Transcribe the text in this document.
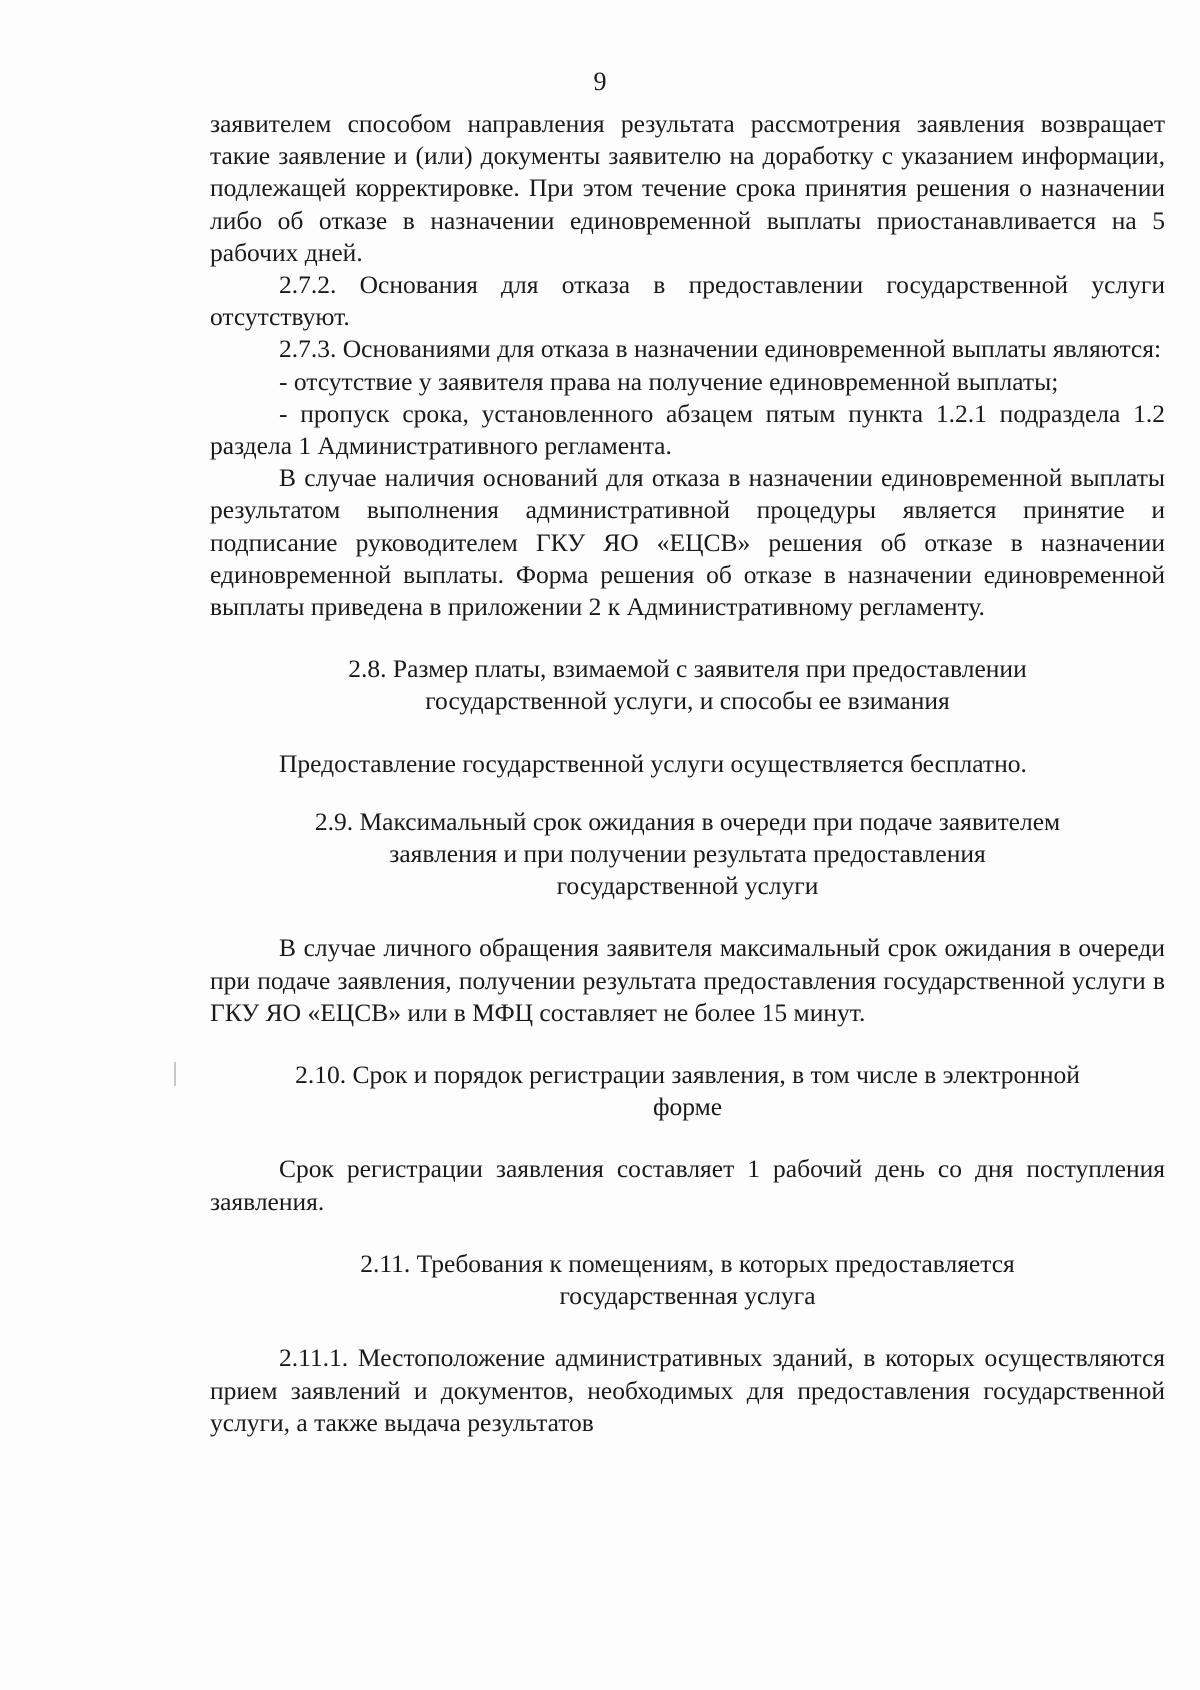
9

заявителем способом направления результата рассмотрения заявления возвращает такие заявление и (или) документы заявителю на доработку с указанием информации, подлежащей корректировке. При этом течение срока принятия решения о назначении либо об отказе в назначении единовременной выплаты приостанавливается на 5 рабочих дней.

2.7.2. Основания для отказа в предоставлении государственной услуги отсутствуют.

2.7.3. Основаниями для отказа в назначении единовременной выплаты являются:

- отсутствие у заявителя права на получение единовременной выплаты;

- пропуск срока, установленного абзацем пятым пункта 1.2.1 подраздела 1.2 раздела 1 Административного регламента.

В случае наличия оснований для отказа в назначении единовременной выплаты результатом выполнения административной процедуры является принятие и подписание руководителем ГКУ ЯО «ЕЦСВ» решения об отказе в назначении единовременной выплаты. Форма решения об отказе в назначении единовременной выплаты приведена в приложении 2 к Административному регламенту.

2.8. Размер платы, взимаемой с заявителя при предоставлении

государственной услуги, и способы ее взимания

Предоставление государственной услуги осуществляется бесплатно.

2.9. Максимальный срок ожидания в очереди при подаче заявителем

заявления и при получении результата предоставления

государственной услуги

В случае личного обращения заявителя максимальный срок ожидания в очереди при подаче заявления, получении результата предоставления государственной услуги в ГКУ ЯО «ЕЦСВ» или в МФЦ составляет не более 15 минут.

2.10. Срок и порядок регистрации заявления, в том числе в электронной

форме

Срок регистрации заявления составляет 1 рабочий день со дня поступления заявления.

2.11. Требования к помещениям, в которых предоставляется

государственная услуга

2.11.1. Местоположение административных зданий, в которых осуществляются прием заявлений и документов, необходимых для предоставления государственной услуги, а также выдача результатов
